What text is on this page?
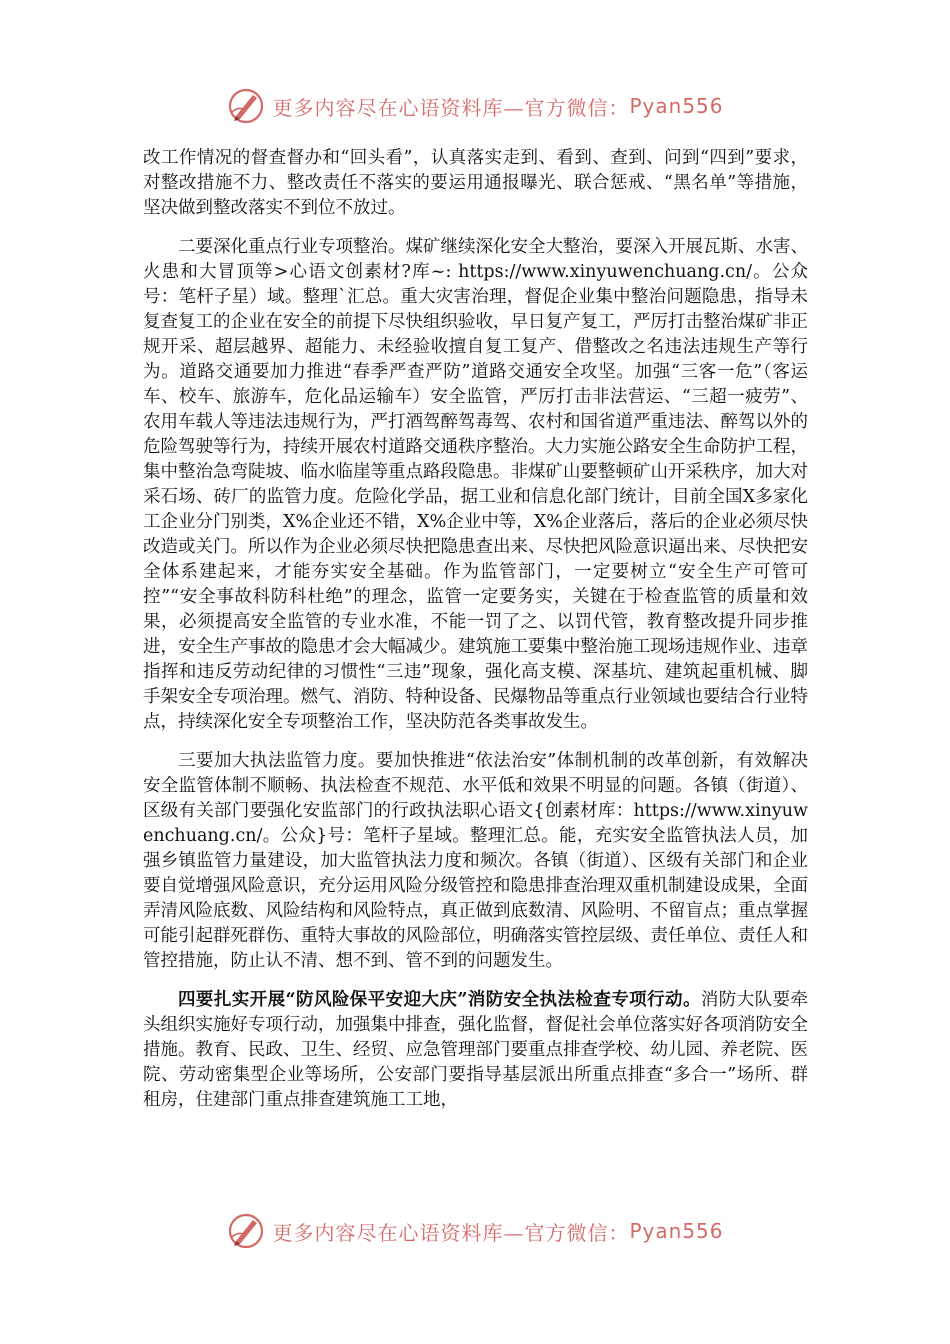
更多内容尽在心语资料库—官方微信： Pyan556

改工作情况的督查督办和“回头看”，认真落实走到、看到、查到、问到“四到”要求，对整改措施不力、整改责任不落实的要运用通报曝光、联合惩戒、“黑名单”等措施，坚决做到整改落实不到位不放过。

二要深化重点行业专项整治。煤矿继续深化安全大整治，要深入开展瓦斯、水害、火患和大冒顶等>心语文创素材?库~: https://www.xinyuwenchuang.cn/。公众号：笔杆子星）域。整理`汇总。重大灾害治理，督促企业集中整治问题隐患，指导未复查复工的企业在安全的前提下尽快组织验收，早日复产复工，严厉打击整治煤矿非正规开采、超层越界、超能力、未经验收擅自复工复产、借整改之名违法违规生产等行为。道路交通要加力推进“春季严查严防”道路交通安全攻坚。加强“三客一危”（客运车、校车、旅游车，危化品运输车）安全监管，严厉打击非法营运、“三超一疲劳”、农用车载人等违法违规行为，严打酒驾醉驾毒驾、农村和国省道严重违法、醉驾以外的危险驾驶等行为，持续开展农村道路交通秩序整治。大力实施公路安全生命防护工程，集中整治急弯陡坡、临水临崖等重点路段隐患。非煤矿山要整顿矿山开采秩序，加大对采石场、砖厂的监管力度。危险化学品，据工业和信息化部门统计，目前全国X多家化工企业分门别类，X%企业还不错，X%企业中等，X%企业落后，落后的企业必须尽快改造或关门。所以作为企业必须尽快把隐患查出来、尽快把风险意识逼出来、尽快把安全体系建起来，才能夯实安全基础。作为监管部门，一定要树立“安全生产可管可控”“安全事故科防科杜绝”的理念，监管一定要务实，关键在于检查监管的质量和效果，必须提高安全监管的专业水准，不能一罚了之、以罚代管，教育整改提升同步推进，安全生产事故的隐患才会大幅减少。建筑施工要集中整治施工现场违规作业、违章指挥和违反劳动纪律的习惯性“三违”现象，强化高支模、深基坑、建筑起重机械、脚手架安全专项治理。燃气、消防、特种设备、民爆物品等重点行业领域也要结合行业特点，持续深化安全专项整治工作，坚决防范各类事故发生。

三要加大执法监管力度。要加快推进“依法治安”体制机制的改革创新，有效解决安全监管体制不顺畅、执法检查不规范、水平低和效果不明显的问题。各镇（街道）、区级有关部门要强化安监部门的行政执法职心语文{创素材库：https://www.xinyuwenchuang.cn/。公众}号：笔杆子星域。整理汇总。能，充实安全监管执法人员，加强乡镇监管力量建设，加大监管执法力度和频次。各镇（街道）、区级有关部门和企业要自觉增强风险意识，充分运用风险分级管控和隐患排查治理双重机制建设成果，全面弄清风险底数、风险结构和风险特点，真正做到底数清、风险明、不留盲点；重点掌握可能引起群死群伤、重特大事故的风险部位，明确落实管控层级、责任单位、责任人和管控措施，防止认不清、想不到、管不到的问题发生。

四要扎实开展“防风险保平安迎大庆”消防安全执法检查专项行动。消防大队要牵头组织实施好专项行动，加强集中排查，强化监督，督促社会单位落实好各项消防安全措施。教育、民政、卫生、经贸、应急管理部门要重点排查学校、幼儿园、养老院、医院、劳动密集型企业等场所，公安部门要指导基层派出所重点排查“多合一”场所、群租房，住建部门重点排查建筑施工工地，

更多内容尽在心语资料库—官方微信： Pyan556
